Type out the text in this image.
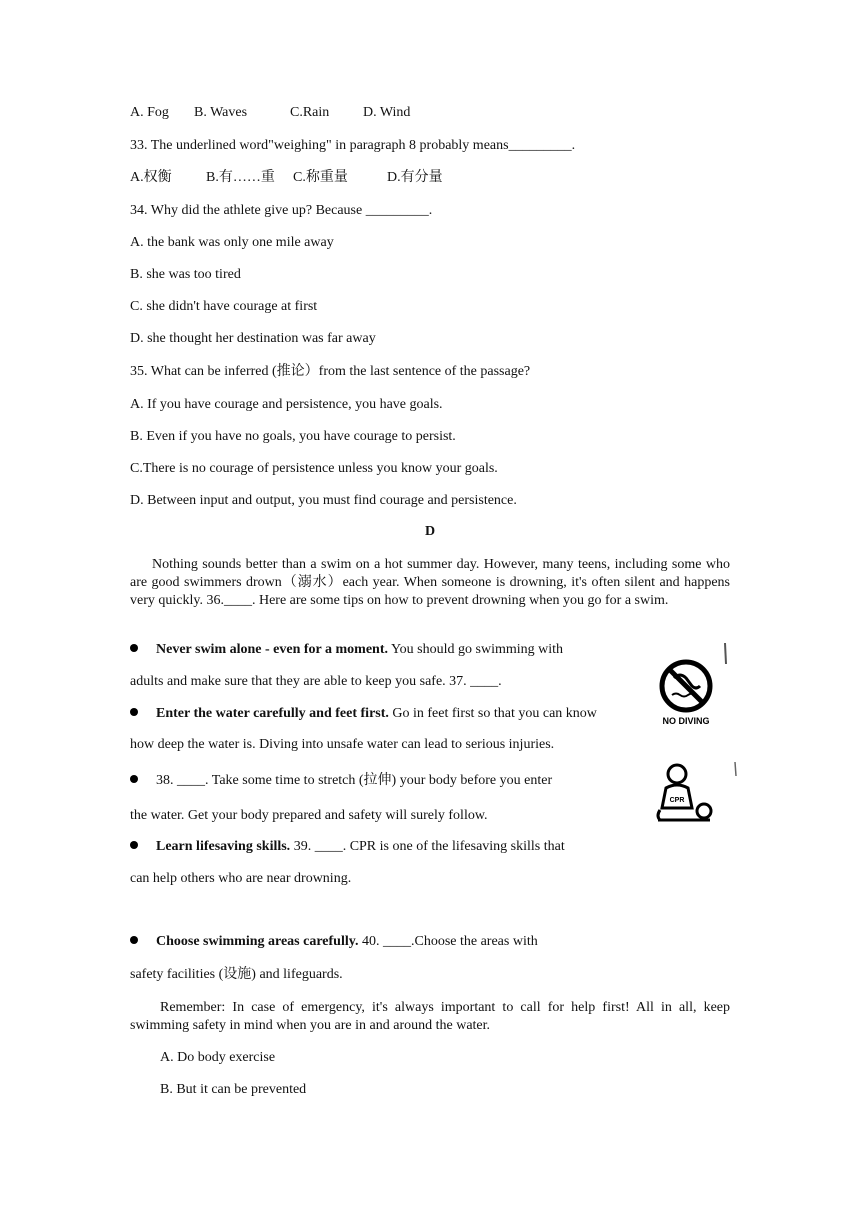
A. Fog B. Waves	C.Rain D. Wind
33. The underlined word"weighing" in paragraph 8 probably means_________.
A.权衡 B.有……重 C.称重量	D.有分量
34. Why did the athlete give up? Because _________.
A. the bank was only one mile away
B. she was too tired
C. she didn't have courage at first
D. she thought her destination was far away
35. What can be inferred (推论）from the last sentence of the passage?
A. If you have courage and persistence, you have goals.
B. Even if you have no goals, you have courage to persist.
C.There is no courage of persistence unless you know your goals.
D. Between input and output, you must find courage and persistence.
D
Nothing sounds better than a swim on a hot summer day. However, many teens, including some who are good swimmers drown（溺水）each year. When someone is drowning, it's often silent and happens very quickly. 36.____. Here are some tips on how to prevent drowning when you go for a swim.
Never swim alone - even for a moment. You should go swimming with
adults and make sure that they are able to keep you safe. 37. ____.
Enter the water carefully and feet first. Go in feet first so that you can know
how deep the water is. Diving into unsafe water can lead to serious injuries.
38. ____. Take some time to stretch (拉伸) your body before you enter
the water. Get your body prepared and safety will surely follow.
Learn lifesaving skills. 39. ____. CPR is one of the lifesaving skills that
can help others who are near drowning.
Choose swimming areas carefully. 40. ____.Choose the areas with
safety facilities (设施) and lifeguards.
Remember: In case of emergency, it's always important to call for help first! All in all, keep swimming safety in mind when you are in and around the water.
A. Do body exercise
B. But it can be prevented
NO DIVING
CPR
